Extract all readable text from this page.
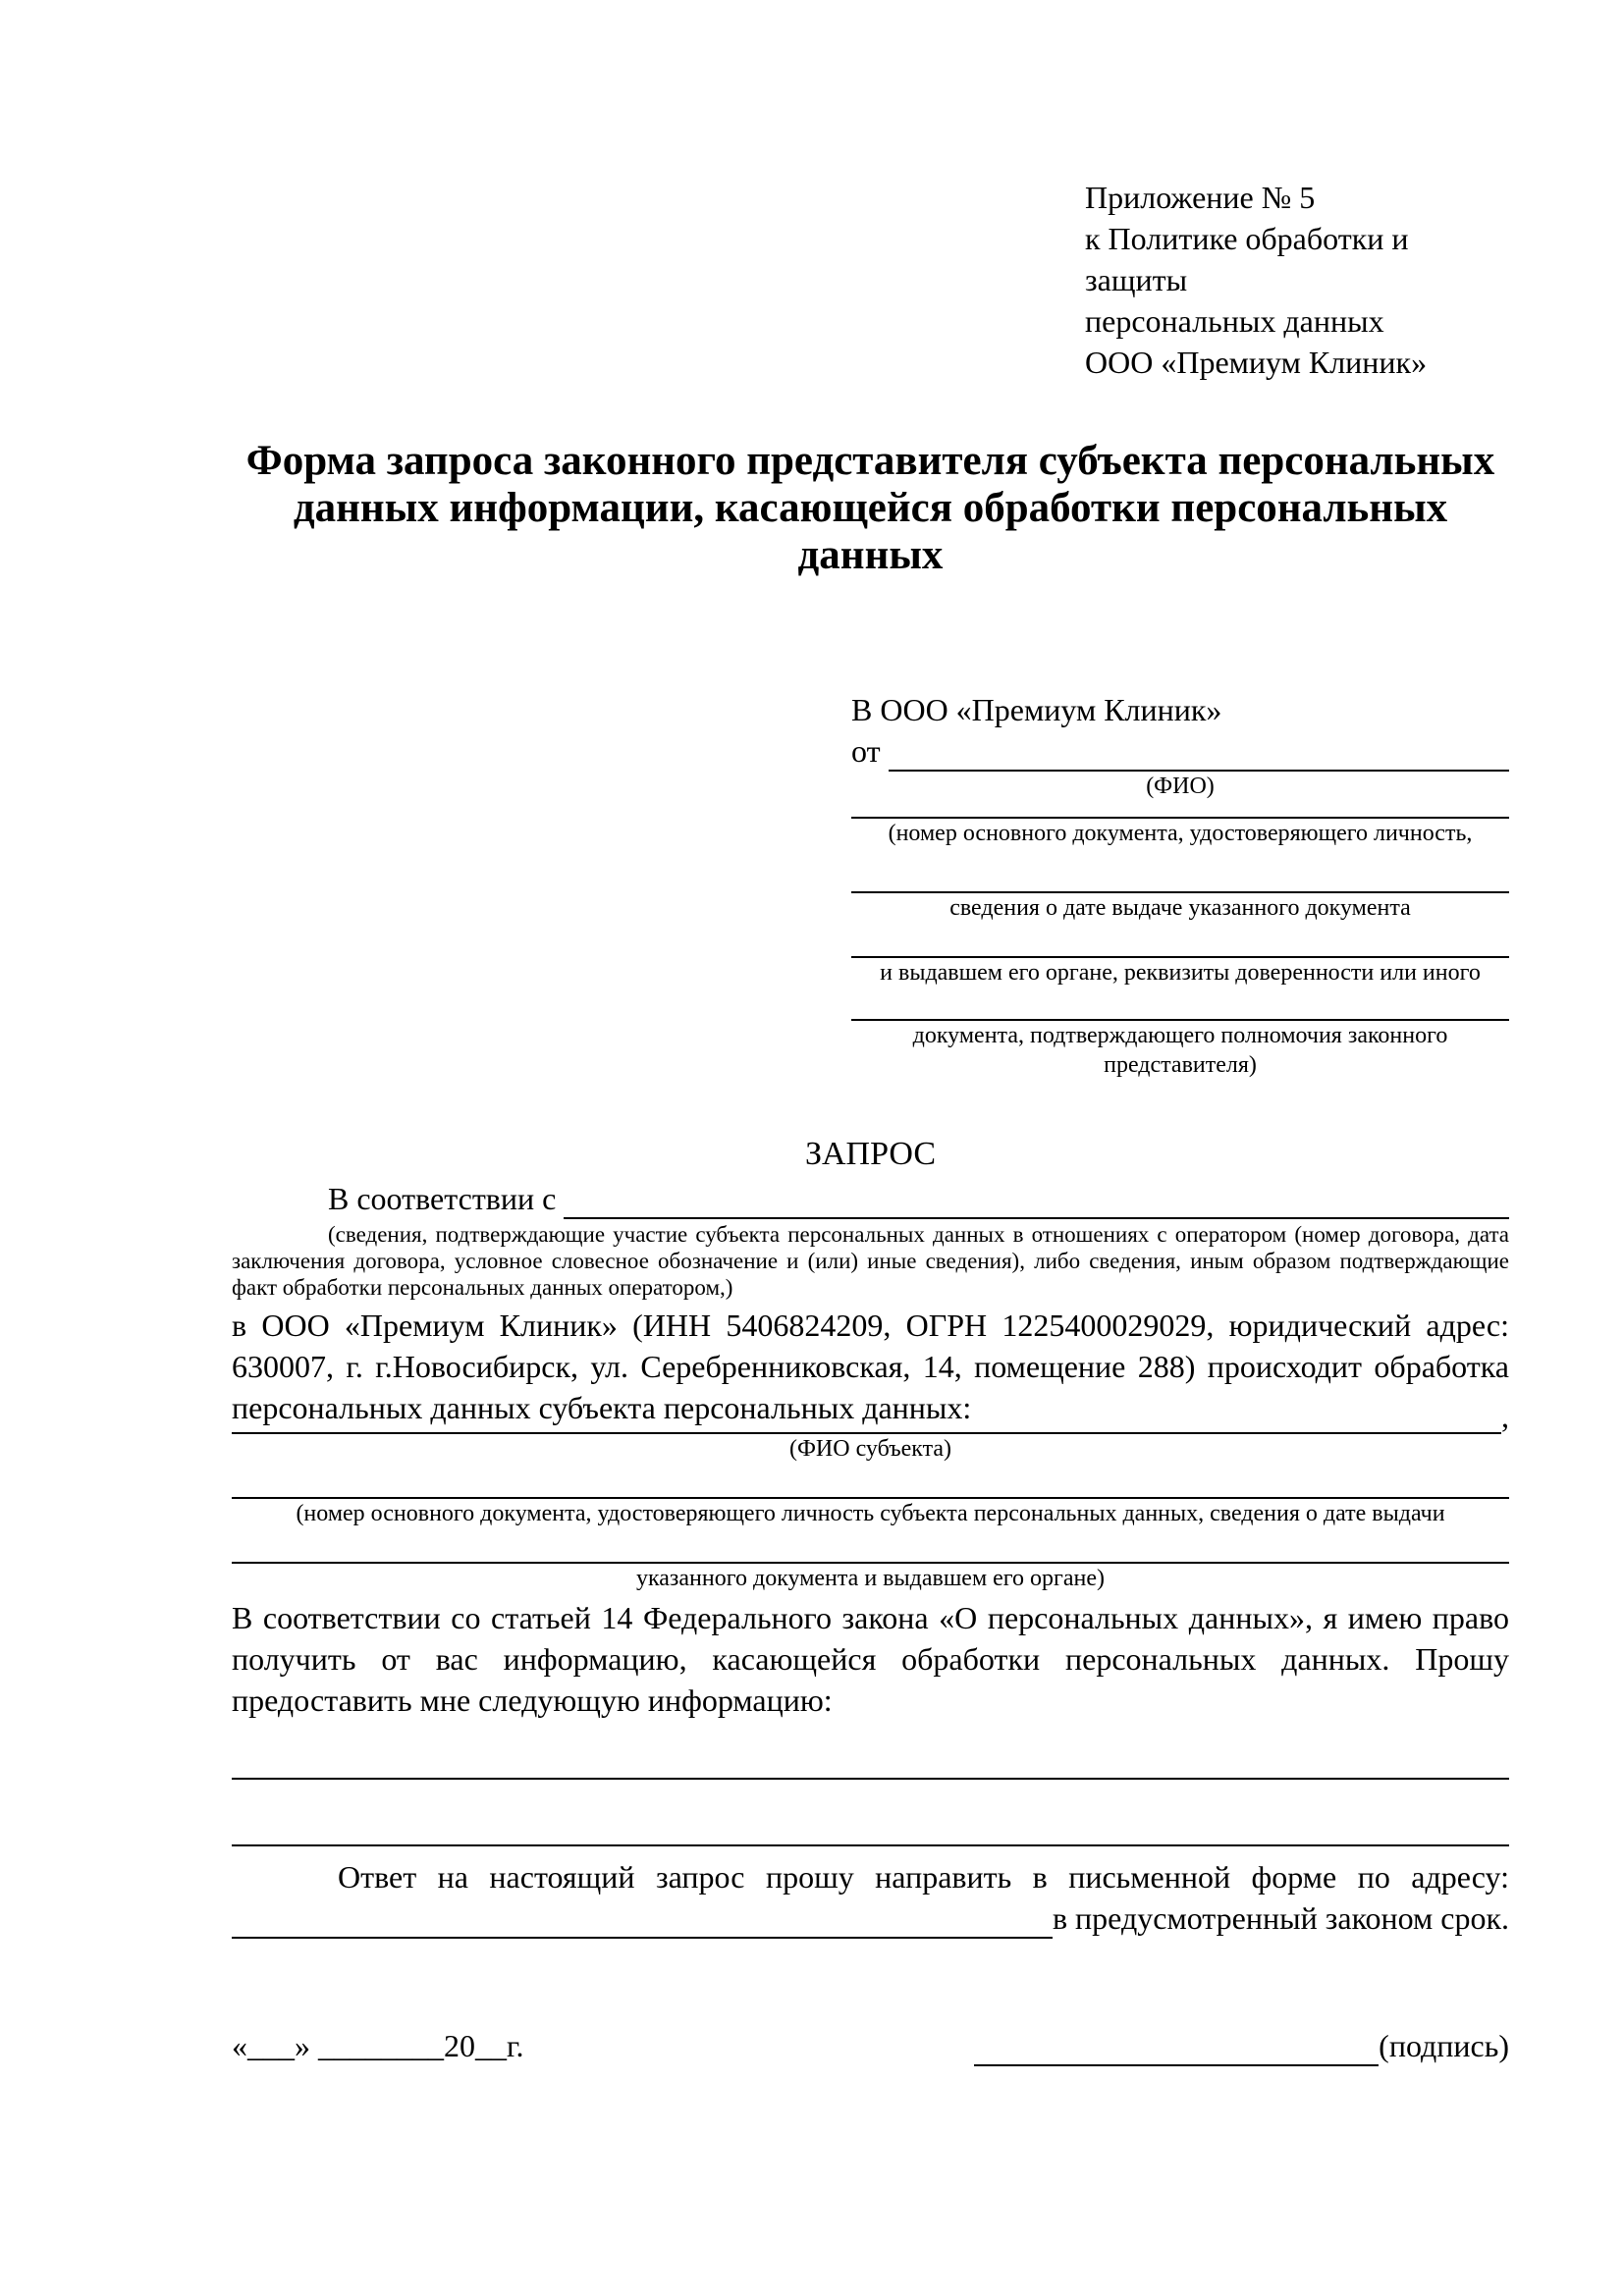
Приложение № 5
к Политике обработки и защиты
персональных данных
ООО «Премиум Клиник»
Форма запроса законного представителя субъекта персональных данных информации, касающейся обработки персональных данных
В ООО «Премиум Клиник»
от
(ФИО)
(номер основного документа, удостоверяющего личность,
сведения о дате выдаче указанного документа
и выдавшем его органе, реквизиты доверенности или иного
документа, подтверждающего полномочия законного представителя)
ЗАПРОС
В соответствии с

(сведения, подтверждающие участие субъекта персональных данных в отношениях с оператором (номер договора, дата заключения договора, условное словесное обозначение и (или) иные сведения), либо сведения, иным образом подтверждающие факт обработки персональных данных оператором,)

в ООО «Премиум Клиник» (ИНН 5406824209, ОГРН 1225400029029, юридический адрес: 630007, г. г.Новосибирск, ул. Серебренниковская, 14, помещение 288) происходит обработка персональных данных субъекта персональных данных:	,
(ФИО субъекта)
(номер основного документа, удостоверяющего личность субъекта персональных данных, сведения о дате выдачи
указанного документа и выдавшем его органе)

В соответствии со статьей 14 Федерального закона «О персональных данных», я имею право получить от вас информацию, касающейся обработки персональных данных. Прошу предоставить мне следующую информацию:

Ответ на настоящий запрос прошу направить в письменной форме по адресу:

в предусмотренный законом срок.
«___» ________20__г.	(подпись)
